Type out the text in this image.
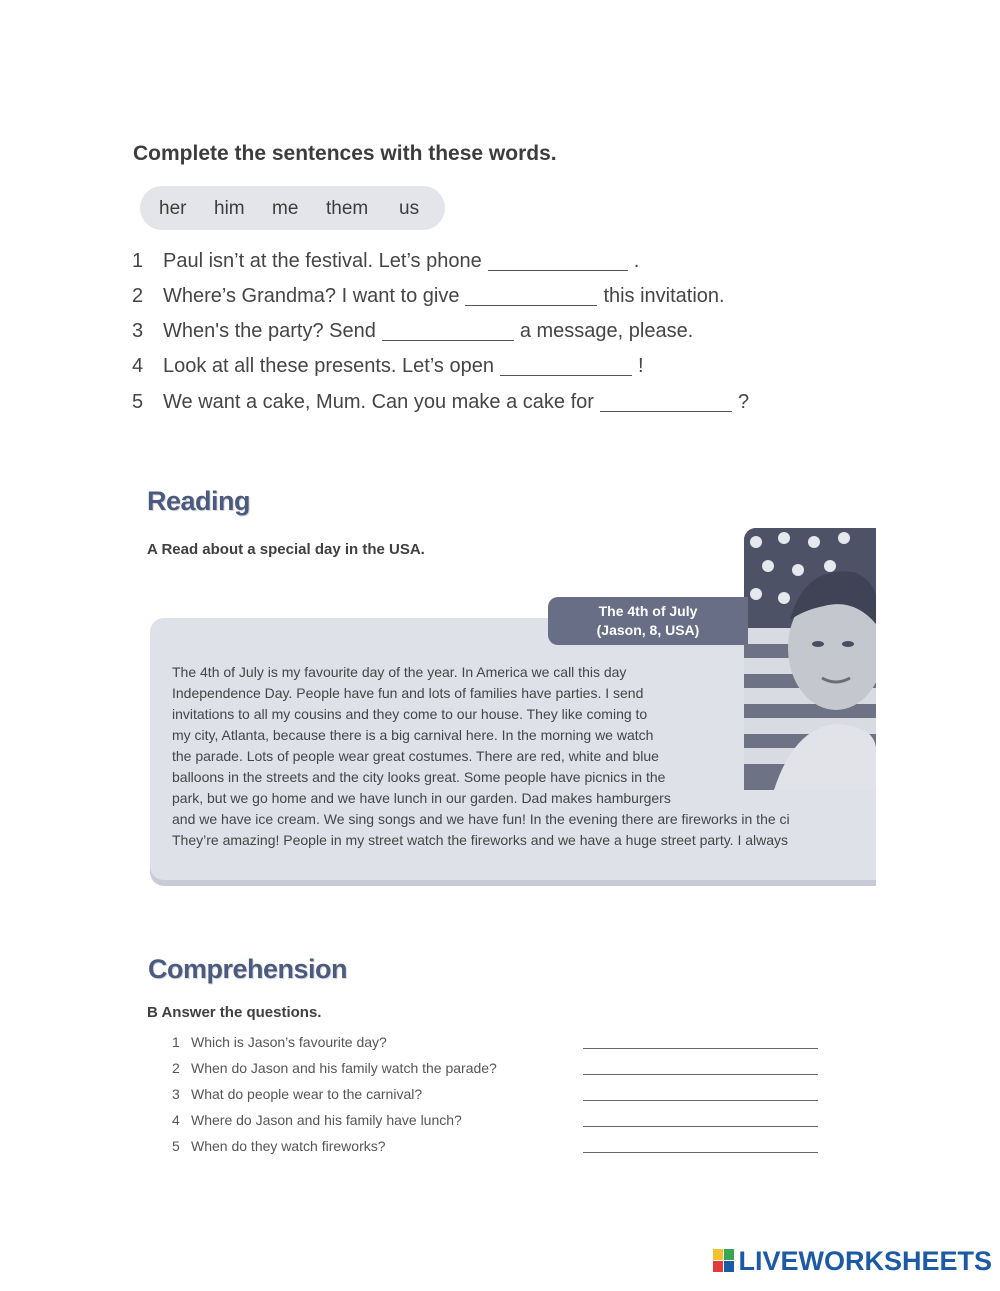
Complete the sentences with these words.
her him me them us
1 Paul isn’t at the festival. Let’s phone	.
2 Where’s Grandma? I want to give	this invitation.
3 When's the party? Send	a message, please.
4 Look at all these presents. Let’s open	!
5 We want a cake, Mum. Can you make a cake for	?
Reading
A Read about a special day in the USA.
The 4th of July
(Jason, 8, USA)
The 4th of July is my favourite day of the year. In America we call this day
Independence Day. People have fun and lots of families have parties. I send
invitations to all my cousins and they come to our house. They like coming to
my city, Atlanta, because there is a big carnival here. In the morning we watch
the parade. Lots of people wear great costumes. There are red, white and blue
balloons in the streets and the city looks great. Some people have picnics in the
park, but we go home and we have lunch in our garden. Dad makes hamburgers
and we have ice cream. We sing songs and we have fun! In the evening there are fireworks in the ci
They’re amazing! People in my street watch the fireworks and we have a huge street party. I always
Comprehension
B Answer the questions.
1 Which is Jason’s favourite day?
2 When do Jason and his family watch the parade?
3 What do people wear to the carnival?
4 Where do Jason and his family have lunch?
5 When do they watch fireworks?
LIVEWORKSHEETS
